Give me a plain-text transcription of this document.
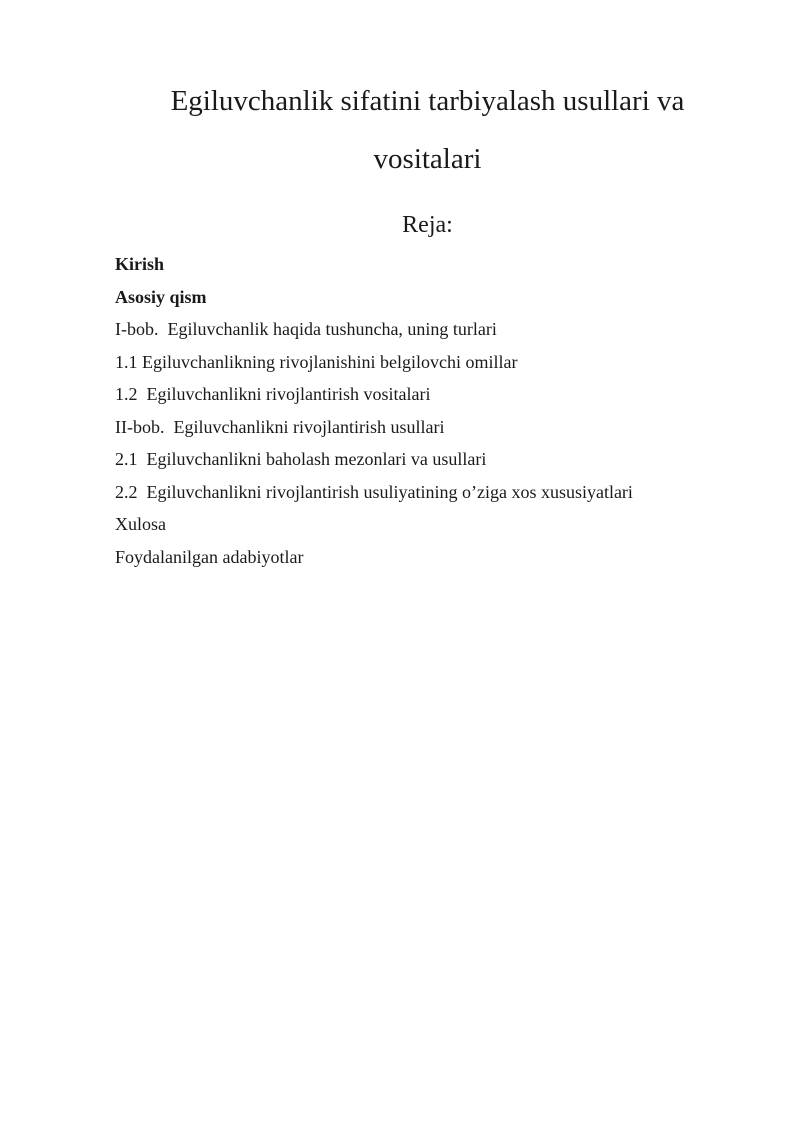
Egiluvchanlik sifatini tarbiyalash usullari va
vositalari
Reja:
Kirish
Asosiy qism
I-bob.  Egiluvchanlik haqida tushuncha, uning turlari
1.1 Egiluvchanlikning rivojlanishini belgilovchi omillar
1.2  Egiluvchanlikni rivojlantirish vositalari
II-bob.  Egiluvchanlikni rivojlantirish usullari
2.1  Egiluvchanlikni baholash mezonlari va usullari
2.2  Egiluvchanlikni rivojlantirish usuliyatining o’ziga xos xususiyatlari
Xulosa
Foydalanilgan adabiyotlar
